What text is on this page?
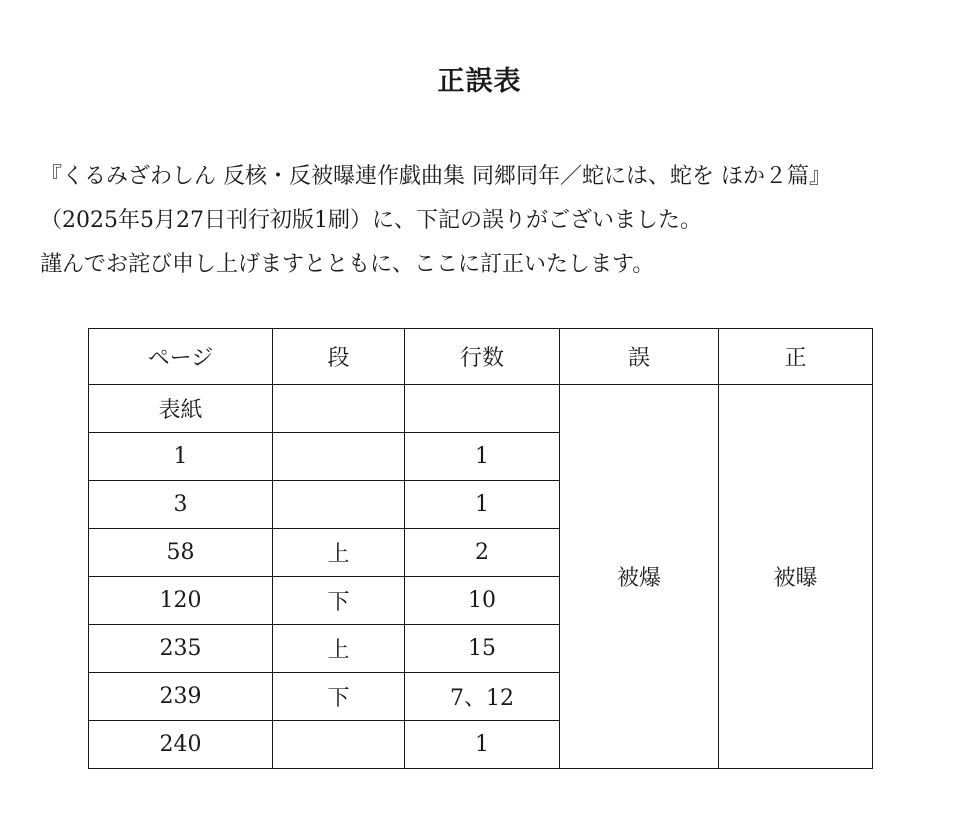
正誤表
『くるみざわしん 反核・反被曝連作戯曲集 同郷同年／蛇には、蛇を ほか２篇』
（2025年5月27日刊行初版1刷）に、下記の誤りがございました。
謹んでお詫び申し上げますとともに、ここに訂正いたします。
ページ	段	行数	誤	正
表紙			被爆	被曝
1		1		
3		1		
58	上	2		
120	下	10		
235	上	15		
239	下	7、12		
240		1		
